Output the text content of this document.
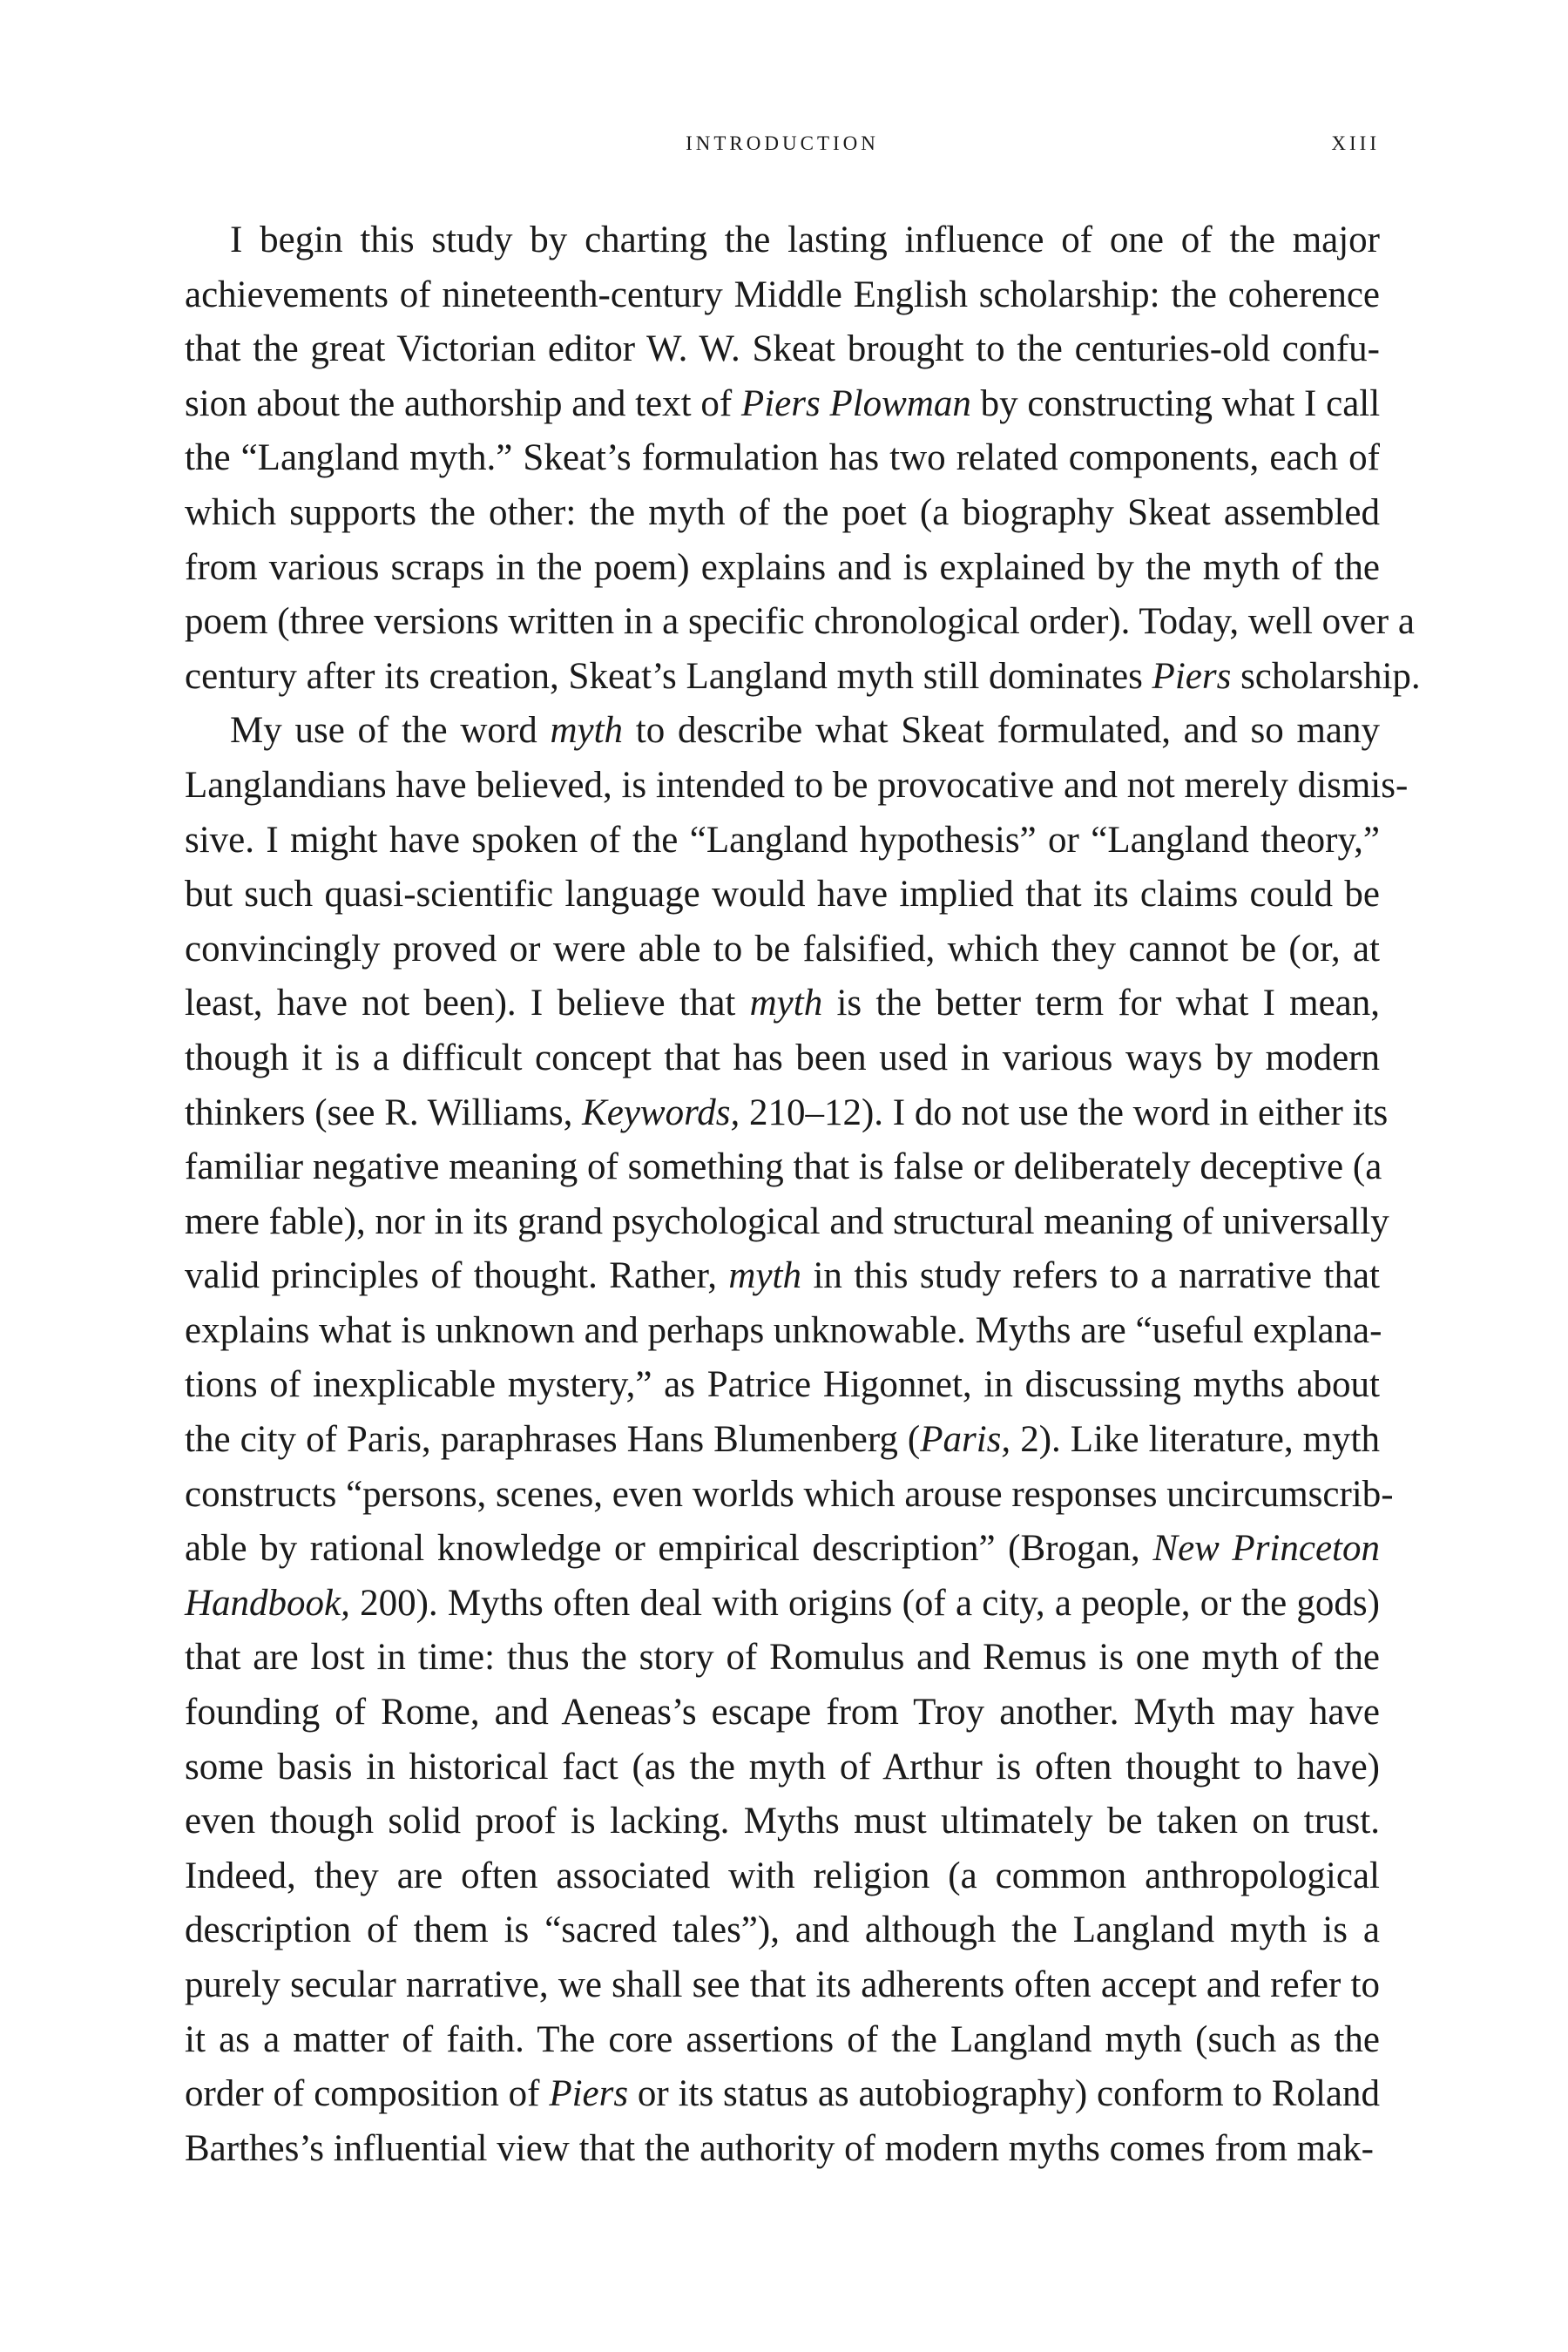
INTRODUCTION	XIII

I begin this study by charting the lasting influence of one of the major
achievements of nineteenth-century Middle English scholarship: the coherence
that the great Victorian editor W. W. Skeat brought to the centuries-old confu-
sion about the authorship and text of Piers Plowman by constructing what I call
the “Langland myth.” Skeat’s formulation has two related components, each of
which supports the other: the myth of the poet (a biography Skeat assembled
from various scraps in the poem) explains and is explained by the myth of the
poem (three versions written in a specific chronological order). Today, well over a
century after its creation, Skeat’s Langland myth still dominates Piers scholarship.

My use of the word myth to describe what Skeat formulated, and so many
Langlandians have believed, is intended to be provocative and not merely dismis-
sive. I might have spoken of the “Langland hypothesis” or “Langland theory,”
but such quasi-scientific language would have implied that its claims could be
convincingly proved or were able to be falsified, which they cannot be (or, at
least, have not been). I believe that myth is the better term for what I mean,
though it is a difficult concept that has been used in various ways by modern
thinkers (see R. Williams, Keywords, 210–12). I do not use the word in either its
familiar negative meaning of something that is false or deliberately deceptive (a
mere fable), nor in its grand psychological and structural meaning of universally
valid principles of thought. Rather, myth in this study refers to a narrative that
explains what is unknown and perhaps unknowable. Myths are “useful explana-
tions of inexplicable mystery,” as Patrice Higonnet, in discussing myths about
the city of Paris, paraphrases Hans Blumenberg (Paris, 2). Like literature, myth
constructs “persons, scenes, even worlds which arouse responses uncircumscrib-
able by rational knowledge or empirical description” (Brogan, New Princeton
Handbook, 200). Myths often deal with origins (of a city, a people, or the gods)
that are lost in time: thus the story of Romulus and Remus is one myth of the
founding of Rome, and Aeneas’s escape from Troy another. Myth may have
some basis in historical fact (as the myth of Arthur is often thought to have)
even though solid proof is lacking. Myths must ultimately be taken on trust.
Indeed, they are often associated with religion (a common anthropological
description of them is “sacred tales”), and although the Langland myth is a
purely secular narrative, we shall see that its adherents often accept and refer to
it as a matter of faith. The core assertions of the Langland myth (such as the
order of composition of Piers or its status as autobiography) conform to Roland
Barthes’s influential view that the authority of modern myths comes from mak-
